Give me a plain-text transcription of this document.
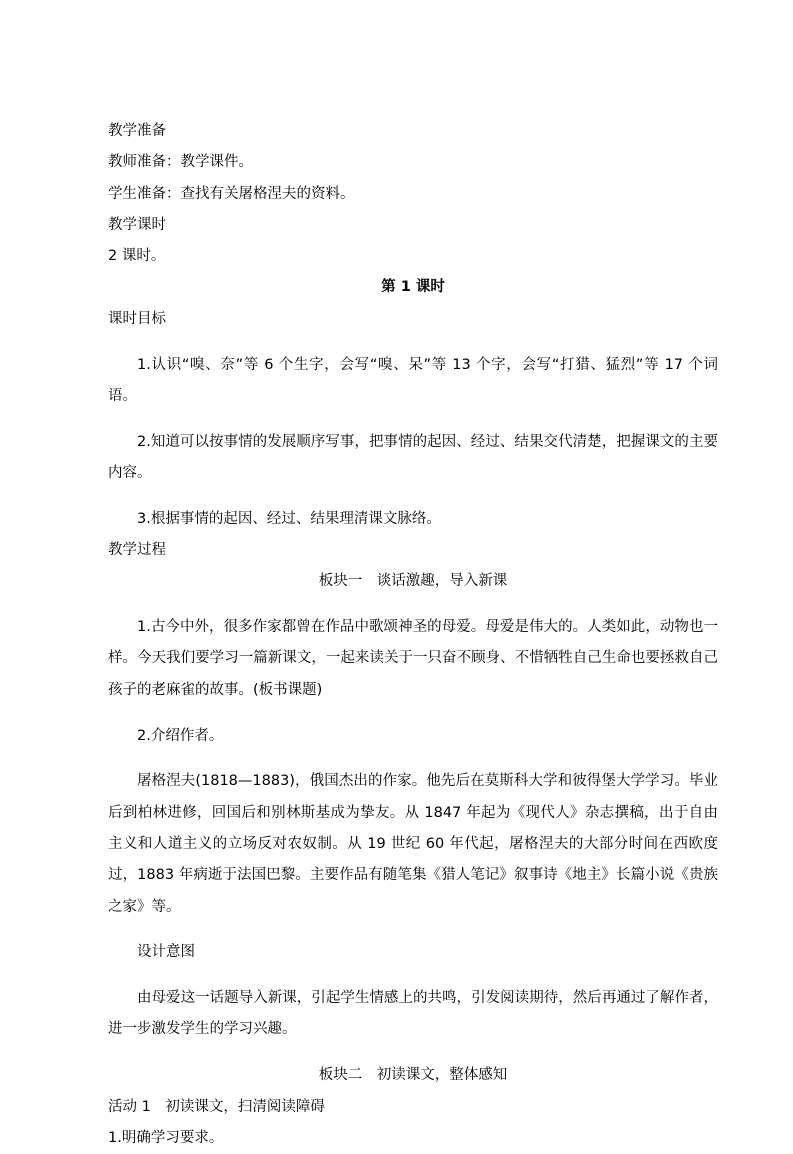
教学准备

教师准备：教学课件。

学生准备：查找有关屠格涅夫的资料。

教学课时

2 课时。

第 1 课时

课时目标

1.认识“嗅、奈”等 6 个生字，会写“嗅、呆”等 13 个字，会写“打猎、猛烈”等 17 个词语。

2.知道可以按事情的发展顺序写事，把事情的起因、经过、结果交代清楚，把握课文的主要内容。

3.根据事情的起因、经过、结果理清课文脉络。

教学过程

板块一　谈话激趣，导入新课

1.古今中外，很多作家都曾在作品中歌颂神圣的母爱。母爱是伟大的。人类如此，动物也一样。今天我们要学习一篇新课文，一起来读关于一只奋不顾身、不惜牺牲自己生命也要拯救自己孩子的老麻雀的故事。(板书课题)

2.介绍作者。

屠格涅夫(1818—1883)，俄国杰出的作家。他先后在莫斯科大学和彼得堡大学学习。毕业后到柏林进修，回国后和别林斯基成为挚友。从 1847 年起为《现代人》杂志撰稿，出于自由主义和人道主义的立场反对农奴制。从 19 世纪 60 年代起，屠格涅夫的大部分时间在西欧度过，1883 年病逝于法国巴黎。主要作品有随笔集《猎人笔记》叙事诗《地主》长篇小说《贵族之家》等。

设计意图

由母爱这一话题导入新课，引起学生情感上的共鸣，引发阅读期待，然后再通过了解作者，进一步激发学生的学习兴趣。

板块二　初读课文，整体感知

活动 1　初读课文，扫清阅读障碍

1.明确学习要求。
